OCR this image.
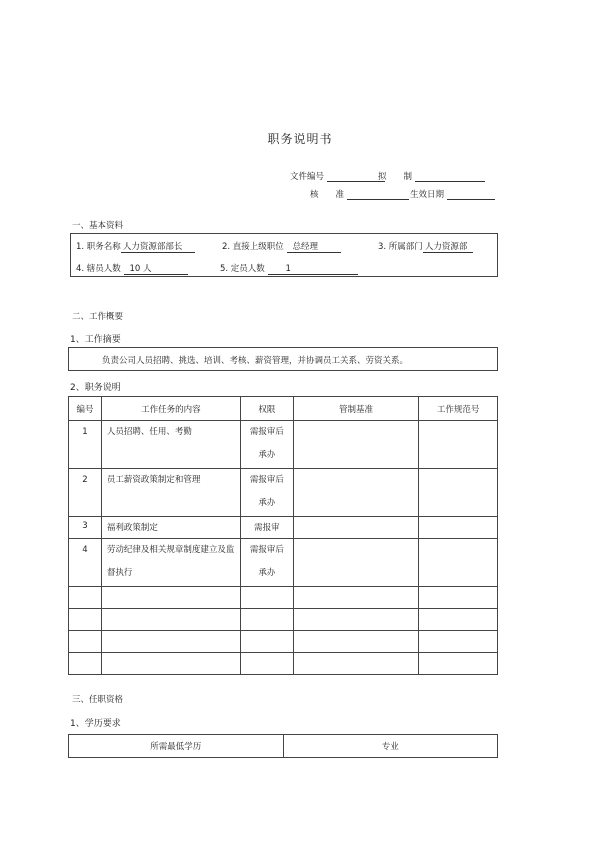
职务说明书
文件编号	拟　　制
核　　准	生效日期
一、基本资料
1. 职务名称 人力资源部部长	2. 直接上级职位 总经理	3. 所属部门 人力资源部
4. 辖员人数 10 人	5. 定员人数 1
二、工作概要
1、工作摘要
负责公司人员招聘、挑选、培训、考核、薪资管理，并协调员工关系、劳资关系。
2、职务说明
编号	工作任务的内容	权限	管制基准	工作规范号
1	人员招聘、任用、考勤	需报审后承办		

2	员工薪资政策制定和管理	需报审后承办		

3	福利政策制定	需报审		
4	劳动纪律及相关规章制度建立及监督执行	需报审后承办		

三、任职资格
1、学历要求
所需最低学历	专业
